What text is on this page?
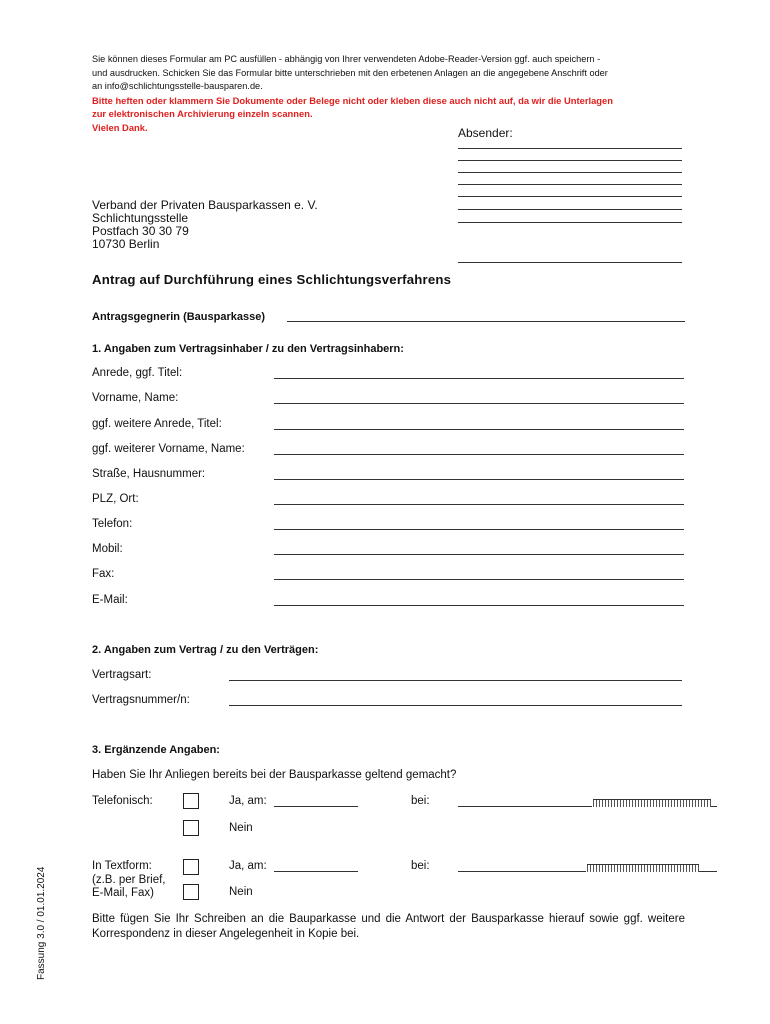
Sie können dieses Formular am PC ausfüllen - abhängig von Ihrer verwendeten Adobe-Reader-Version ggf. auch speichern -

und ausdrucken. Schicken Sie das Formular bitte unterschrieben mit den erbetenen Anlagen an die angegebene Anschrift oder

an info@schlichtungsstelle-bausparen.de.

Bitte heften oder klammern Sie Dokumente oder Belege nicht oder kleben diese auch nicht auf, da wir die Unterlagen

zur elektronischen Archivierung einzeln scannen.

Vielen Dank.	Absender:
Verband der Privaten Bausparkassen e. V.
Schlichtungsstelle
Postfach 30 30 79
10730 Berlin
Antrag auf Durchführung eines Schlichtungsverfahrens
Antragsgegnerin (Bausparkasse)
1. Angaben zum Vertragsinhaber / zu den Vertragsinhabern:
Anrede, ggf. Titel:
Vorname, Name:
ggf. weitere Anrede, Titel:
ggf. weiterer Vorname, Name:
Straße, Hausnummer:
PLZ, Ort:
Telefon:
Mobil:
Fax:
E-Mail:
2. Angaben zum Vertrag / zu den Verträgen:
Vertragsart:
Vertragsnummer/n:
3. Ergänzende Angaben:
Haben Sie Ihr Anliegen bereits bei der Bausparkasse geltend gemacht?
Telefonisch:	Ja, am:	bei:
Nein
In Textform:
(z.B. per Brief,
E-Mail, Fax)
Ja, am:	bei:
Nein
Bitte fügen Sie Ihr Schreiben an die Bauparkasse und die Antwort der Bausparkasse hierauf sowie ggf. weitere Korrespondenz in dieser Angelegenheit in Kopie bei.
Fassung 3.0 / 01.01.2024
